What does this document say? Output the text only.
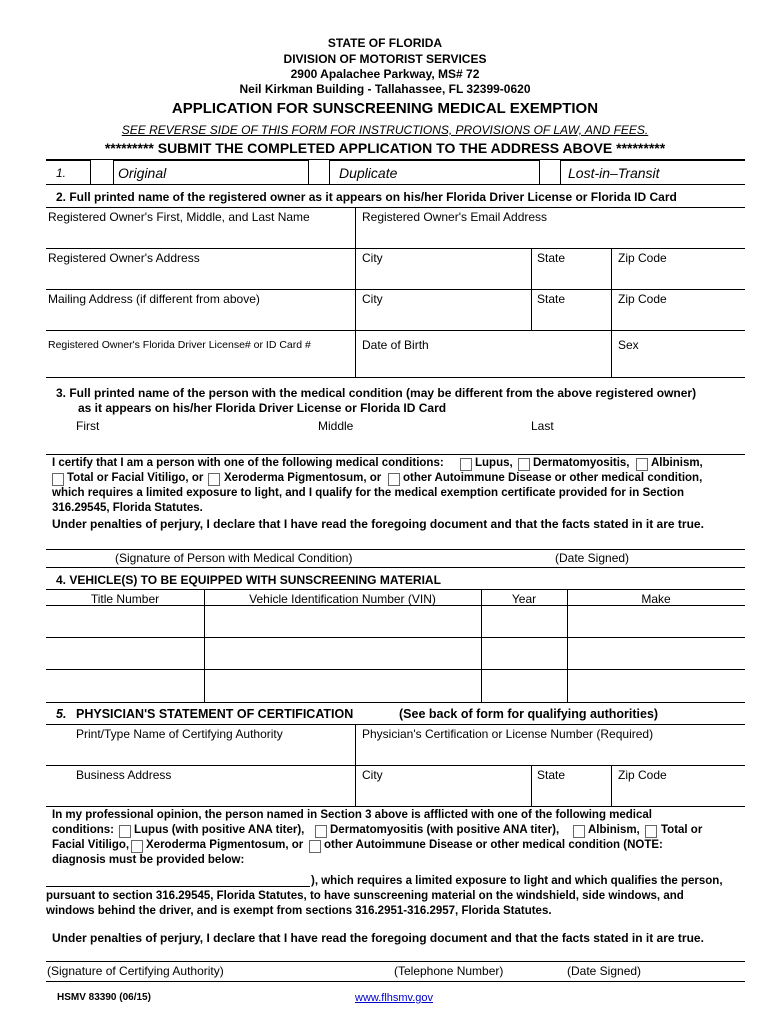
STATE OF FLORIDA
DIVISION OF MOTORIST SERVICES
2900 Apalachee Parkway, MS# 72
Neil Kirkman Building - Tallahassee, FL 32399-0620
APPLICATION FOR SUNSCREENING MEDICAL EXEMPTION
SEE REVERSE SIDE OF THIS FORM FOR INSTRUCTIONS, PROVISIONS OF LAW, AND FEES.
********* SUBMIT THE COMPLETED APPLICATION TO THE ADDRESS ABOVE *********
1.	Original	Duplicate	Lost-in–Transit
2. Full printed name of the registered owner as it appears on his/her Florida Driver License or Florida ID Card
Registered Owner's First, Middle, and Last Name	Registered Owner's Email Address
Registered Owner's Address	City	State	Zip Code
Mailing Address (if different from above)	City	State	Zip Code
Registered Owner's Florida Driver License# or ID Card #	Date of Birth	Sex
3. Full printed name of the person with the medical condition (may be different from the above registered owner)
as it appears on his/her Florida Driver License or Florida ID Card
First	Middle	Last
I certify that I am a person with one of the following medical conditions:	Lupus, Dermatomyositis, Albinism,
Total or Facial Vitiligo, or Xeroderma Pigmentosum, or other Autoimmune Disease or other medical condition,
which requires a limited exposure to light, and I qualify for the medical exemption certificate provided for in Section
316.29545, Florida Statutes.
Under penalties of perjury, I declare that I have read the foregoing document and that the facts stated in it are true.
(Signature of Person with Medical Condition)	(Date Signed)
4. VEHICLE(S) TO BE EQUIPPED WITH SUNSCREENING MATERIAL
Title Number	Vehicle Identification Number (VIN)	Year	Make
5. PHYSICIAN'S STATEMENT OF CERTIFICATION	(See back of form for qualifying authorities)
Print/Type Name of Certifying Authority	Physician's Certification or License Number (Required)
Business Address	City	State	Zip Code
In my professional opinion, the person named in Section 3 above is afflicted with one of the following medical
conditions: Lupus (with positive ANA titer), Dermatomyositis (with positive ANA titer),	Albinism, Total or
Facial Vitiligo, Xeroderma Pigmentosum, or other Autoimmune Disease or other medical condition (NOTE:
diagnosis must be provided below:
), which requires a limited exposure to light and which qualifies the person,
pursuant to section 316.29545, Florida Statutes, to have sunscreening material on the windshield, side windows, and
windows behind the driver, and is exempt from sections 316.2951-316.2957, Florida Statutes.
Under penalties of perjury, I declare that I have read the foregoing document and that the facts stated in it are true.
(Signature of Certifying Authority)	(Telephone Number)	(Date Signed)
HSMV 83390 (06/15)	www.flhsmv.gov
